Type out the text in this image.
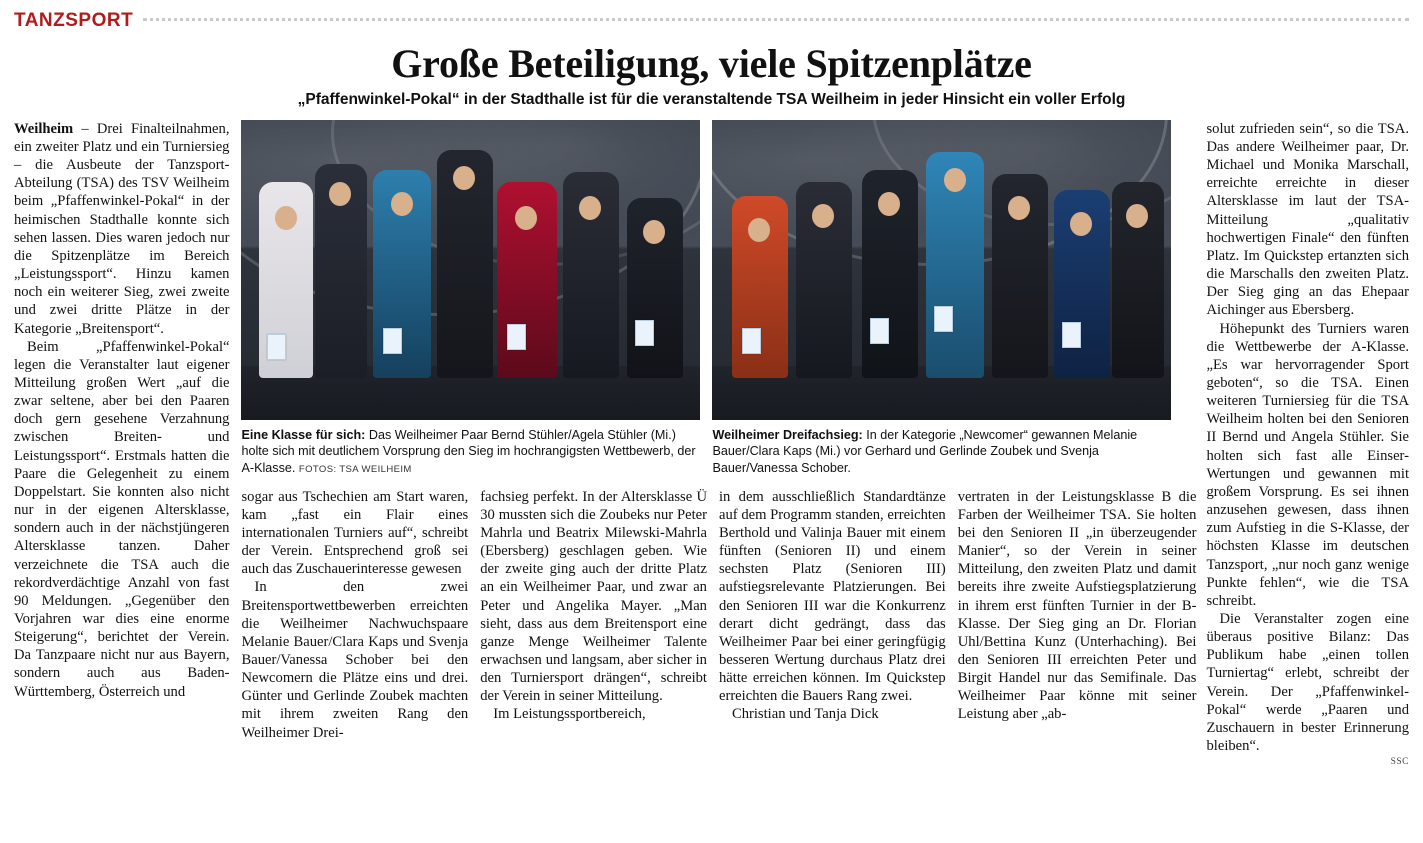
TANZSPORT
Große Beteiligung, viele Spitzenplätze
„Pfaffenwinkel-Pokal“ in der Stadthalle ist für die veranstaltende TSA Weilheim in jeder Hinsicht ein voller Erfolg

Weilheim – Drei Finalteilnahmen, ein zweiter Platz und ein Turniersieg – die Ausbeute der Tanzsport-Abteilung (TSA) des TSV Weilheim beim „Pfaffenwinkel-Pokal“ in der heimischen Stadthalle konnte sich sehen lassen. Dies waren jedoch nur die Spitzenplätze im Bereich „Leistungssport“. Hinzu kamen noch ein weiterer Sieg, zwei zweite und zwei dritte Plätze in der Kategorie „Breitensport“.

Beim „Pfaffenwinkel-Pokal“ legen die Veranstalter laut eigener Mitteilung großen Wert „auf die zwar seltene, aber bei den Paaren doch gern gesehene Verzahnung zwischen Breiten- und Leistungssport“. Erstmals hatten die Paare die Gelegenheit zu einem Doppelstart. Sie konnten also nicht nur in der eigenen Altersklasse, sondern auch in der nächstjüngeren Altersklasse tanzen. Daher verzeichnete die TSA auch die rekordverdächtige Anzahl von fast 90 Meldungen. „Gegenüber den Vorjahren war dies eine enorme Steigerung“, berichtet der Verein. Da Tanzpaare nicht nur aus Bayern, sondern auch aus Baden-Württemberg, Österreich und

Eine Klasse für sich: Das Weilheimer Paar Bernd Stühler/Agela Stühler (Mi.) holte sich mit deutlichem Vorsprung den Sieg im hochrangigsten Wettbewerb, der A-Klasse. FOTOS: TSA WEILHEIM
Weilheimer Dreifachsieg: In der Kategorie „Newcomer“ gewannen Melanie Bauer/Clara Kaps (Mi.) vor Gerhard und Gerlinde Zoubek und Svenja Bauer/Vanessa Schober.

sogar aus Tschechien am Start waren, kam „fast ein Flair eines internationalen Turniers auf“, schreibt der Verein. Entsprechend groß sei auch das Zuschauerinteresse gewesen

In den zwei Breitensportwettbewerben erreichten die Weilheimer Nachwuchspaare Melanie Bauer/Clara Kaps und Svenja Bauer/Vanessa Schober bei den Newcomern die Plätze eins und drei. Günter und Gerlinde Zoubek machten mit ihrem zweiten Rang den Weilheimer Drei-

fachsieg perfekt. In der Altersklasse Ü 30 mussten sich die Zoubeks nur Peter Mahrla und Beatrix Milewski-Mahrla (Ebersberg) geschlagen geben. Wie der zweite ging auch der dritte Platz an ein Weilheimer Paar, und zwar an Peter und Angelika Mayer. „Man sieht, dass aus dem Breitensport eine ganze Menge Weilheimer Talente erwachsen und langsam, aber sicher in den Turniersport drängen“, schreibt der Verein in seiner Mitteilung.

Im Leistungssportbereich,

in dem ausschließlich Standardtänze auf dem Programm standen, erreichten Berthold und Valinja Bauer mit einem fünften (Senioren II) und einem sechsten Platz (Senioren III) aufstiegsrelevante Platzierungen. Bei den Senioren III war die Konkurrenz derart dicht gedrängt, dass das Weilheimer Paar bei einer geringfügig besseren Wertung durchaus Platz drei hätte erreichen können. Im Quickstep erreichten die Bauers Rang zwei.

Christian und Tanja Dick

vertraten in der Leistungsklasse B die Farben der Weilheimer TSA. Sie holten bei den Senioren II „in überzeugender Manier“, so der Verein in seiner Mitteilung, den zweiten Platz und damit bereits ihre zweite Aufstiegsplatzierung in ihrem erst fünften Turnier in der B-Klasse. Der Sieg ging an Dr. Florian Uhl/Bettina Kunz (Unterhaching). Bei den Senioren III erreichten Peter und Birgit Handel nur das Semifinale. Das Weilheimer Paar könne mit seiner Leistung aber „ab-

solut zufrieden sein“, so die TSA. Das andere Weilheimer paar, Dr. Michael und Monika Marschall, erreichte erreichte in dieser Altersklasse im laut der TSA-Mitteilung „qualitativ hochwertigen Finale“ den fünften Platz. Im Quickstep ertanzten sich die Marschalls den zweiten Platz. Der Sieg ging an das Ehepaar Aichinger aus Ebersberg.

Höhepunkt des Turniers waren die Wettbewerbe der A-Klasse. „Es war hervorragender Sport geboten“, so die TSA. Einen weiteren Turniersieg für die TSA Weilheim holten bei den Senioren II Bernd und Angela Stühler. Sie holten sich fast alle Einser-Wertungen und gewannen mit großem Vorsprung. Es sei ihnen anzusehen gewesen, dass ihnen zum Aufstieg in die S-Klasse, der höchsten Klasse im deutschen Tanzsport, „nur noch ganz wenige Punkte fehlen“, wie die TSA schreibt.

Die Veranstalter zogen eine überaus positive Bilanz: Das Publikum habe „einen tollen Turniertag“ erlebt, schreibt der Verein. Der „Pfaffenwinkel-Pokal“ werde „Paaren und Zuschauern in bester Erinnerung bleiben“.

SSC
